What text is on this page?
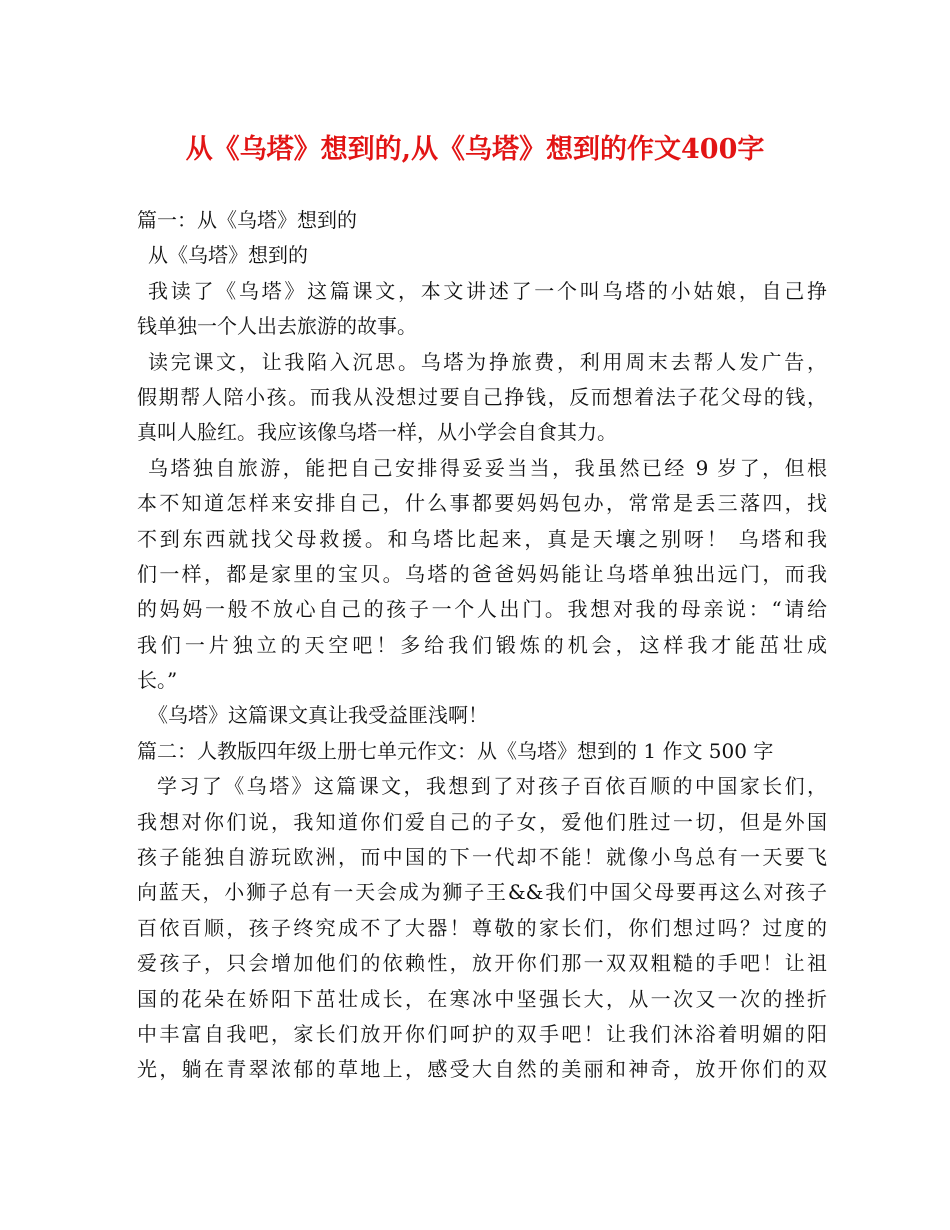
从《乌塔》想到的,从《乌塔》想到的作文400字
篇一：从《乌塔》想到的
从《乌塔》想到的
我读了《乌塔》这篇课文，本文讲述了一个叫乌塔的小姑娘，自己挣
钱单独一个人出去旅游的故事。
读完课文，让我陷入沉思。乌塔为挣旅费，利用周末去帮人发广告，
假期帮人陪小孩。而我从没想过要自己挣钱，反而想着法子花父母的钱，
真叫人脸红。我应该像乌塔一样，从小学会自食其力。
乌塔独自旅游，能把自己安排得妥妥当当，我虽然已经 9 岁了，但根
本不知道怎样来安排自己，什么事都要妈妈包办，常常是丢三落四，找
不到东西就找父母救援。和乌塔比起来，真是天壤之别呀！ 乌塔和我
们一样，都是家里的宝贝。乌塔的爸爸妈妈能让乌塔单独出远门，而我
的妈妈一般不放心自己的孩子一个人出门。我想对我的母亲说：“请给
我们一片独立的天空吧！多给我们锻炼的机会，这样我才能茁壮成
长。”
《乌塔》这篇课文真让我受益匪浅啊！
篇二：人教版四年级上册七单元作文：从《乌塔》想到的 1 作文 500 字
学习了《乌塔》这篇课文，我想到了对孩子百依百顺的中国家长们，
我想对你们说，我知道你们爱自己的子女，爱他们胜过一切，但是外国
孩子能独自游玩欧洲，而中国的下一代却不能！就像小鸟总有一天要飞
向蓝天，小狮子总有一天会成为狮子王&&我们中国父母要再这么对孩子
百依百顺，孩子终究成不了大器！尊敬的家长们，你们想过吗？过度的
爱孩子，只会增加他们的依赖性，放开你们那一双双粗糙的手吧！让祖
国的花朵在娇阳下茁壮成长，在寒冰中坚强长大，从一次又一次的挫折
中丰富自我吧，家长们放开你们呵护的双手吧！让我们沐浴着明媚的阳
光，躺在青翠浓郁的草地上，感受大自然的美丽和神奇，放开你们的双
